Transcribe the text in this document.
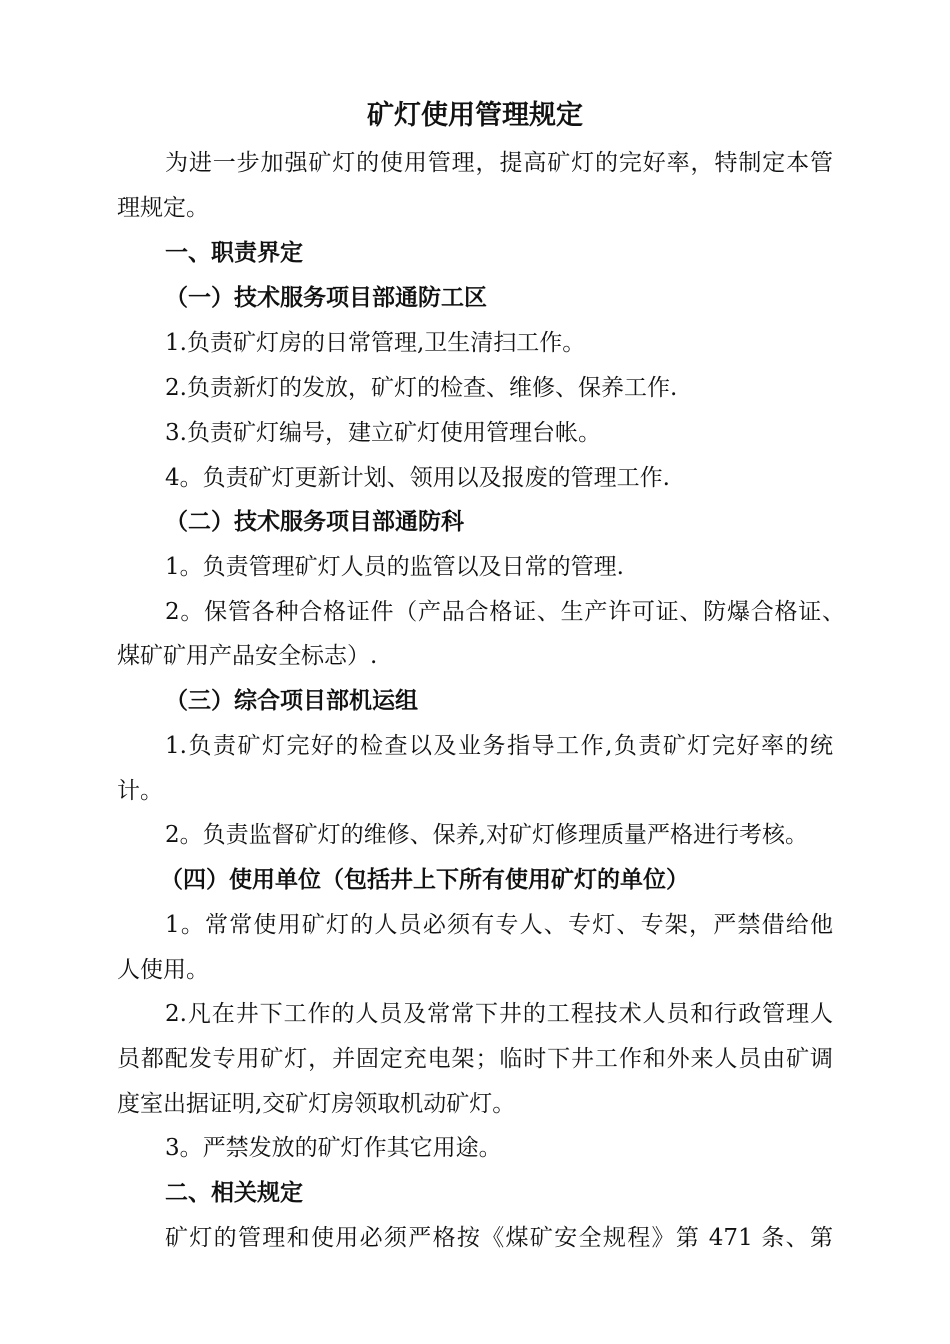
矿灯使用管理规定

为进一步加强矿灯的使用管理，提高矿灯的完好率，特制定本管

理规定。

一、职责界定

（一）技术服务项目部通防工区

1.负责矿灯房的日常管理,卫生清扫工作。

2.负责新灯的发放，矿灯的检查、维修、保养工作.

3.负责矿灯编号，建立矿灯使用管理台帐。

4。负责矿灯更新计划、领用以及报废的管理工作.

（二）技术服务项目部通防科

1。负责管理矿灯人员的监管以及日常的管理.

2。保管各种合格证件（产品合格证、生产许可证、防爆合格证、

煤矿矿用产品安全标志）.

（三）综合项目部机运组

1.负责矿灯完好的检查以及业务指导工作,负责矿灯完好率的统

计。

2。负责监督矿灯的维修、保养,对矿灯修理质量严格进行考核。

（四）使用单位（包括井上下所有使用矿灯的单位）

1。常常使用矿灯的人员必须有专人、专灯、专架，严禁借给他

人使用。

2.凡在井下工作的人员及常常下井的工程技术人员和行政管理人

员都配发专用矿灯，并固定充电架；临时下井工作和外来人员由矿调

度室出据证明,交矿灯房领取机动矿灯。

3。严禁发放的矿灯作其它用途。

二、相关规定

矿灯的管理和使用必须严格按《煤矿安全规程》第 471 条、第
